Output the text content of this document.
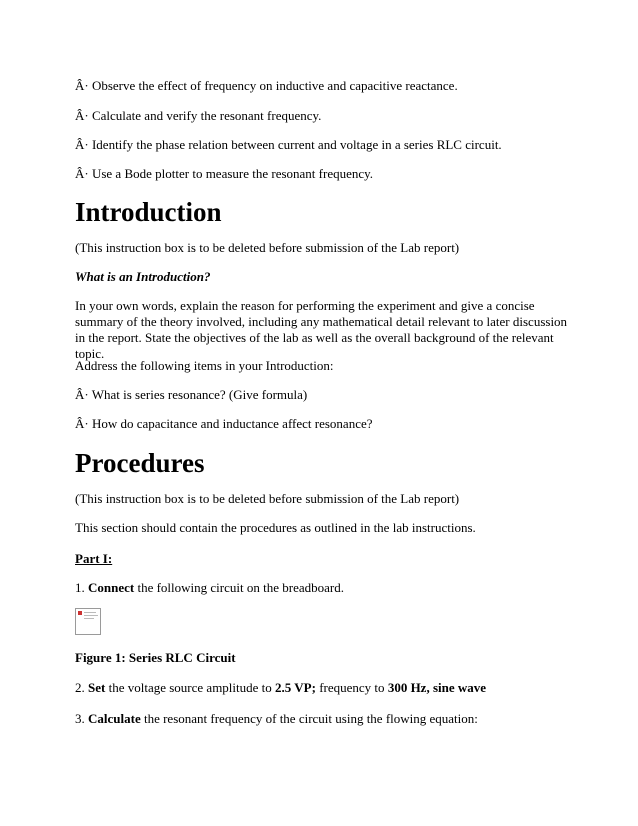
Â· Observe the effect of frequency on inductive and capacitive reactance.
Â· Calculate and verify the resonant frequency.
Â· Identify the phase relation between current and voltage in a series RLC circuit.
Â· Use a Bode plotter to measure the resonant frequency.
Introduction
(This instruction box is to be deleted before submission of the Lab report)
What is an Introduction?
In your own words, explain the reason for performing the experiment and give a concise summary of the theory involved, including any mathematical detail relevant to later discussion in the report. State the objectives of the lab as well as the overall background of the relevant topic.
Address the following items in your Introduction:
Â· What is series resonance? (Give formula)
Â· How do capacitance and inductance affect resonance?
Procedures
(This instruction box is to be deleted before submission of the Lab report)
This section should contain the procedures as outlined in the lab instructions.
Part I:
1. Connect the following circuit on the breadboard.
Figure 1: Series RLC Circuit
2. Set the voltage source amplitude to 2.5 VP; frequency to 300 Hz, sine wave
3. Calculate the resonant frequency of the circuit using the flowing equation:
